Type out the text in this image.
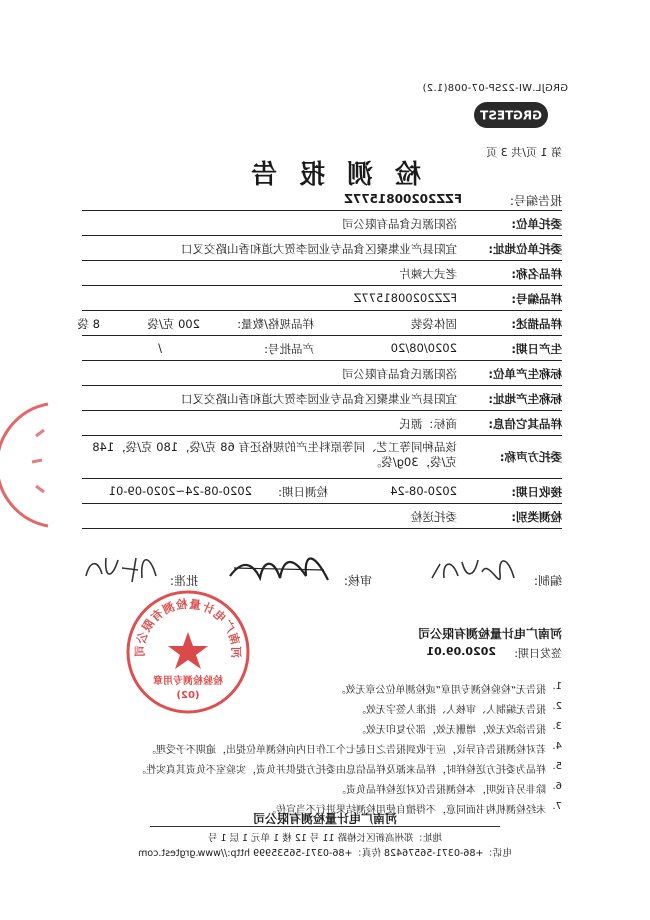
GRGJL.WI-22SP-07-008(1.2)
GRGTEST
第 1 页/共 3 页
检测报告
报告编号:
FZZ2020081577Z
委托单位:
洛阳源氏食品有限公司
委托单位地址:
宜阳县产业集聚区食品专业园李贺大道和香山路交叉口
样品名称:
老式大辣片
样品编号:
FZZ2020081577Z
样品描述:
固体袋装
样品规格/数量:
200 克/袋
8 袋
生产日期:
2020/08/20
产品批号:
/
标称生产单位:
洛阳源氏食品有限公司
标称生产地址:
宜阳县产业集聚区食品专业园李贺大道和香山路交叉口
样品其它信息:
商标：源氏
委托方声称:
该品种同等工艺、同等原料生产的规格还有 68 克/袋，180 克/袋，148 克/袋，30g/袋。
接收日期:
2020-08-24
检测日期:
2020-08-24~2020-09-01
检测类别:
委托送检
编制:
审核:
批准:
河南广电计量检测有限公司
签发日期:
2020.09.01
1.
报告无“检验检测专用章”或检测单位公章无效。
2.
报告无编制人、审核人、批准人签字无效。
3.
报告涂改无效，增删无效，部分复印无效。
4.
若对检测报告有异议，应于收到报告之日起七个工作日内向检测单位提出，逾期不予受理。
5.
样品为委托方送检样时，样品来源及样品信息由委托方提供并负责，实验室不负责其真实性。
6.
除非另有说明，本检测报告仅对送检样品负责。
7.
未经检测机构书面同意，不得擅自使用检测结果进行不当宣传。
河南广电计量检测有限公司
地址：郑州高新区长椿路 11 号 12 楼 1 单元 1 层 1 号
电话：+86-0371-56576428 传真：+86-0371-56535999 http://www.grgtest.com
河南广电计量检测有限公司
检验检测专用章
(02)
